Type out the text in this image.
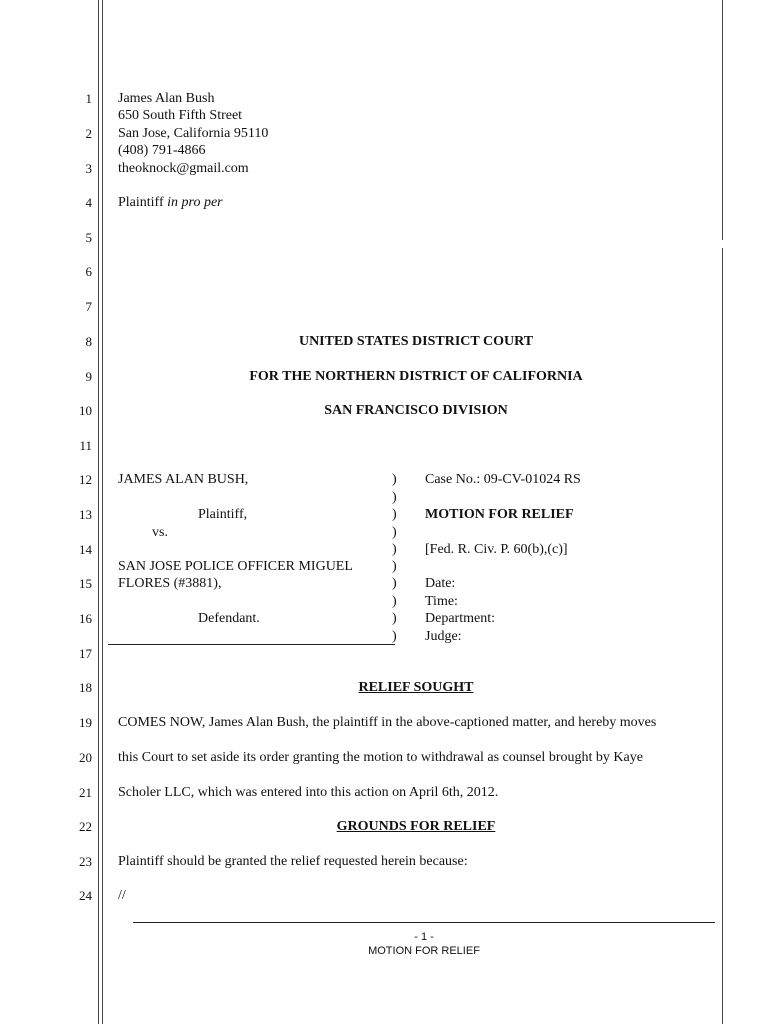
1
2
3
4
5
6
7
8
9
10
11
12
13
14
15
16
17
18
19
20
21
22
23
24
James Alan Bush
650 South Fifth Street
San Jose, California 95110
(408) 791-4866
theoknock@gmail.com
Plaintiff in pro per
UNITED STATES DISTRICT COURT
FOR THE NORTHERN DISTRICT OF CALIFORNIA
SAN FRANCISCO DIVISION
JAMES ALAN BUSH,
Plaintiff,
vs.
SAN JOSE POLICE OFFICER MIGUEL
FLORES (#3881),
Defendant.
)
)
)
)
)
)
)
)
)
)
Case No.: 09-CV-01024 RS
MOTION FOR RELIEF
[Fed. R. Civ. P. 60(b),(c)]
Date:
Time:
Department:
Judge:
RELIEF SOUGHT
COMES NOW, James Alan Bush, the plaintiff in the above-captioned matter, and hereby moves
this Court to set aside its order granting the motion to withdrawal as counsel brought by Kaye
Scholer LLC, which was entered into this action on April 6th, 2012.
GROUNDS FOR RELIEF
Plaintiff should be granted the relief requested herein because:
//
- 1 -
MOTION FOR RELIEF
